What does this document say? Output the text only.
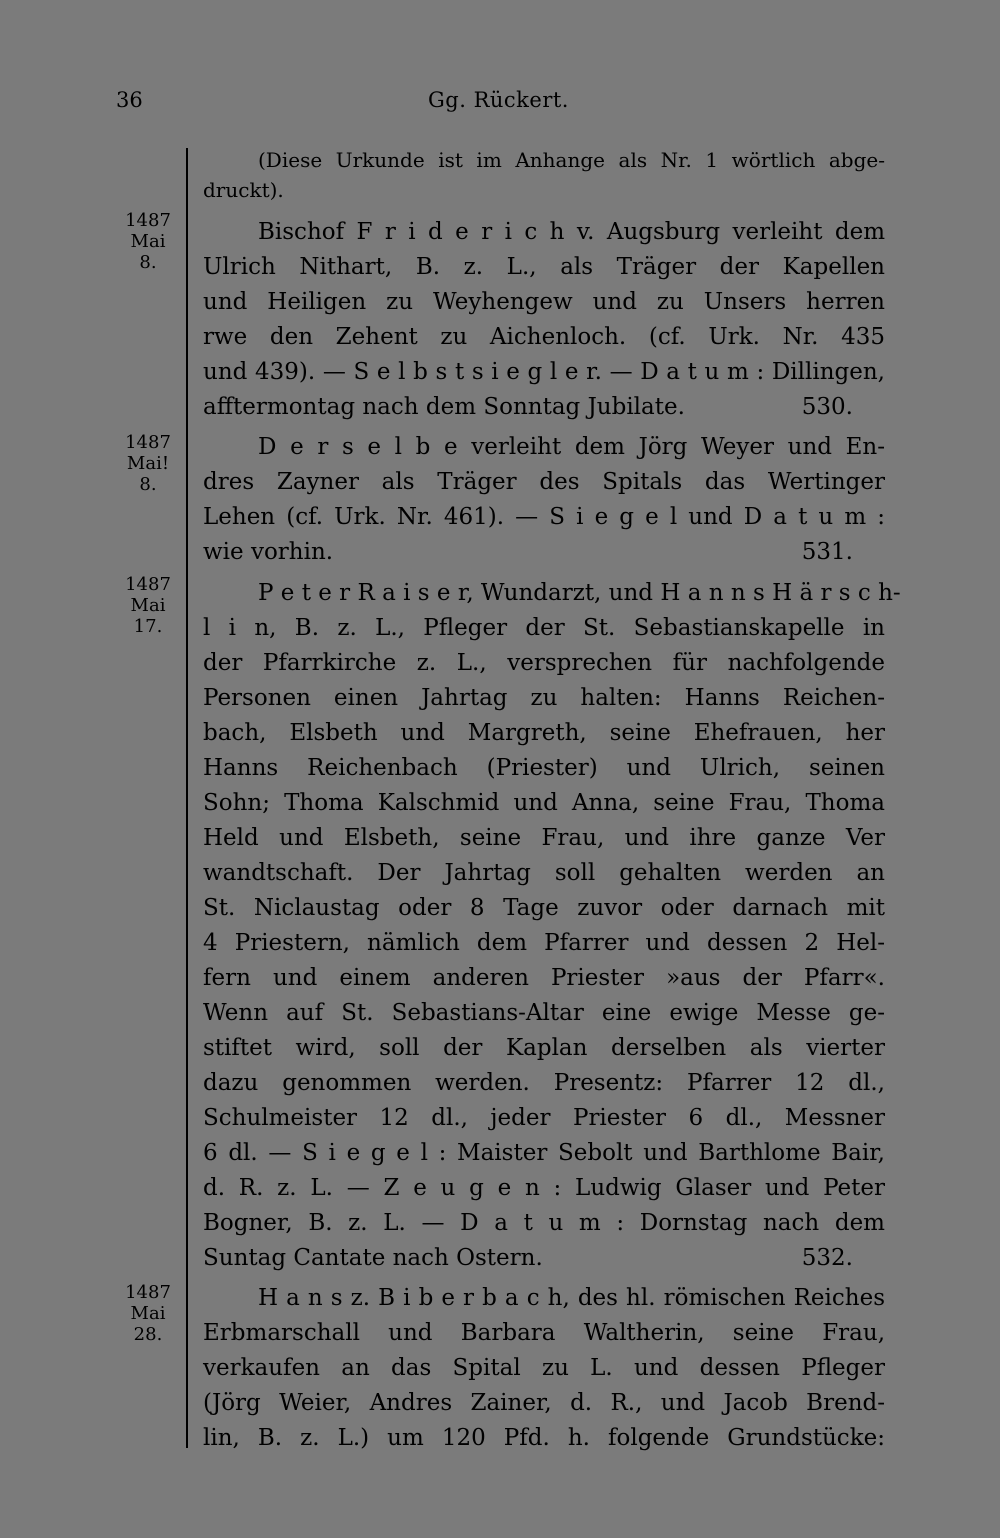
36	Gg. Rückert.
1487
Mai
8.
1487
Mai!
8.
1487
Mai
17.
1487
Mai
28.
(Diese Urkunde ist im Anhange als Nr. 1 wörtlich abge-
druckt).
Bischof F r i d e r i c h v. Augsburg verleiht dem
Ulrich Nithart, B. z. L., als Träger der Kapellen
und Heiligen zu Weyhengew und zu Unsers herren
rwe den Zehent zu Aichenloch. (cf. Urk. Nr. 435
und 439). — S e l b s t s i e g l e r. — D a t u m : Dillingen,
afftermontag nach dem Sonntag Jubilate.	530.
D e r s e l b e verleiht dem Jörg Weyer und En-
dres Zayner als Träger des Spitals das Wertinger
Lehen (cf. Urk. Nr. 461). — S i e g e l und D a t u m :
wie vorhin.	531.
P e t e r R a i s e r, Wundarzt, und H a n n s H ä r s c h-
l i n, B. z. L., Pfleger der St. Sebastianskapelle in
der Pfarrkirche z. L., versprechen für nachfolgende
Personen einen Jahrtag zu halten: Hanns Reichen-
bach, Elsbeth und Margreth, seine Ehefrauen, her
Hanns Reichenbach (Priester) und Ulrich, seinen
Sohn; Thoma Kalschmid und Anna, seine Frau, Thoma
Held und Elsbeth, seine Frau, und ihre ganze Ver
wandtschaft. Der Jahrtag soll gehalten werden an
St. Niclaustag oder 8 Tage zuvor oder darnach mit
4 Priestern, nämlich dem Pfarrer und dessen 2 Hel-
fern und einem anderen Priester »aus der Pfarr«.
Wenn auf St. Sebastians-Altar eine ewige Messe ge-
stiftet wird, soll der Kaplan derselben als vierter
dazu genommen werden. Presentz: Pfarrer 12 dl.,
Schulmeister 12 dl., jeder Priester 6 dl., Messner
6 dl. — S i e g e l : Maister Sebolt und Barthlome Bair,
d. R. z. L. — Z e u g e n : Ludwig Glaser und Peter
Bogner, B. z. L. — D a t u m : Dornstag nach dem
Suntag Cantate nach Ostern.	532.
H a n s z. B i b e r b a c h, des hl. römischen Reiches
Erbmarschall und Barbara Waltherin, seine Frau,
verkaufen an das Spital zu L. und dessen Pfleger
(Jörg Weier, Andres Zainer, d. R., und Jacob Brend-
lin, B. z. L.) um 120 Pfd. h. folgende Grundstücke:
